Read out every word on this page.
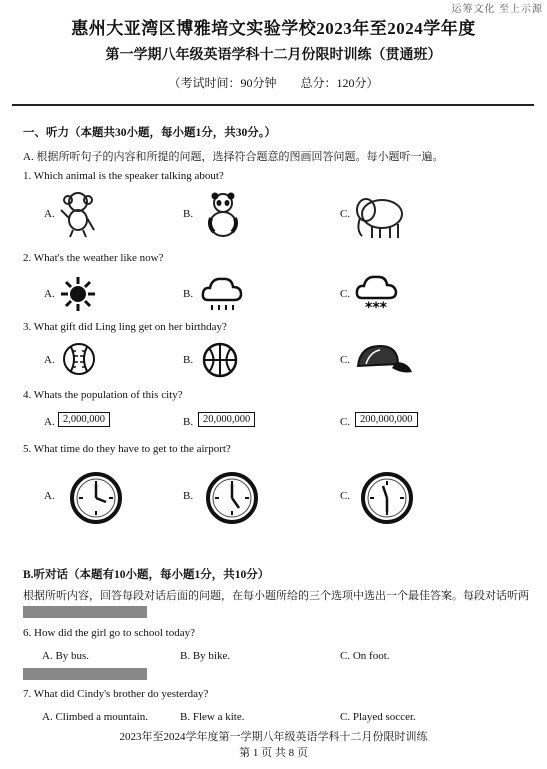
运筹文化 至上示源
惠州大亚湾区博雅培文实验学校2023年至2024学年度
第一学期八年级英语学科十二月份限时训练（贯通班）
（考试时间：90分钟　　总分：120分）
一、听力（本题共30小题，每小题1分，共30分。）
A. 根据所听句子的内容和所提的问题，选择符合题意的图画回答问题。每小题听一遍。
1. Which animal is the speaker talking about?
A.	B.	C.
2. What's the weather like now?
A.	B.	C.
***
3. What gift did Ling ling get on her birthday?
A.	B.	C.
4. Whats the population of this city?
A. 2,000,000	B. 20,000,000	C. 200,000,000
5. What time do they have to get to the airport?
A.	B.	C.
B.听对话（本题有10小题，每小题1分，共10分）
根据所听内容，回答每段对话后面的问题，在每小题所给的三个选项中选出一个最佳答案。每段对话听两
6. How did the girl go to school today?
A. By bus.	B. By bike.	C. On foot.
7. What did Cindy's brother do yesterday?
A. Climbed a mountain.	B. Flew a kite.	C. Played soccer.
2023年至2024学年度第一学期八年级英语学科十二月份限时训练
第 1 页 共 8 页
